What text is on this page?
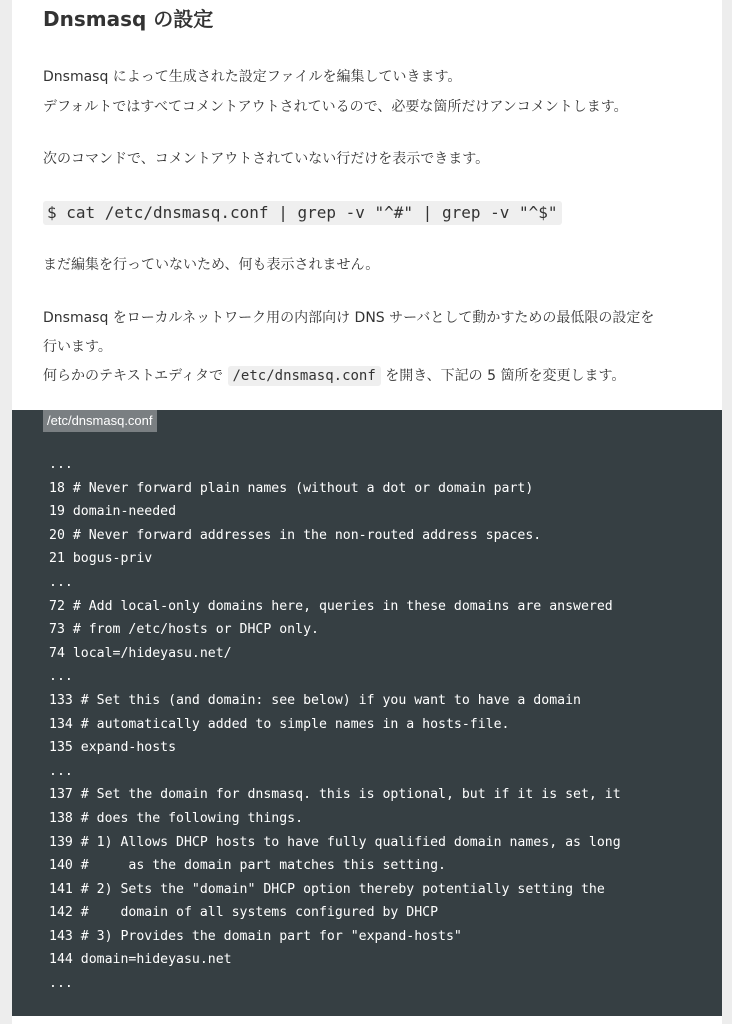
Dnsmasq の設定

Dnsmasq によって生成された設定ファイルを編集していきます。

デフォルトではすべてコメントアウトされているので、必要な箇所だけアンコメントします。

次のコマンドで、コメントアウトされていない行だけを表示できます。

$ cat /etc/dnsmasq.conf | grep -v "^#" | grep -v "^$"

まだ編集を行っていないため、何も表示されません。

Dnsmasq をローカルネットワーク用の内部向け DNS サーバとして動かすための最低限の設定を

行います。

何らかのテキストエディタで /etc/dnsmasq.conf を開き、下記の 5 箇所を変更します。

/etc/dnsmasq.conf
...
18 # Never forward plain names (without a dot or domain part)
19 domain-needed
20 # Never forward addresses in the non-routed address spaces.
21 bogus-priv
...
72 # Add local-only domains here, queries in these domains are answered
73 # from /etc/hosts or DHCP only.
74 local=/hideyasu.net/
...
133 # Set this (and domain: see below) if you want to have a domain
134 # automatically added to simple names in a hosts-file.
135 expand-hosts
...
137 # Set the domain for dnsmasq. this is optional, but if it is set, it
138 # does the following things.
139 # 1) Allows DHCP hosts to have fully qualified domain names, as long
140 #     as the domain part matches this setting.
141 # 2) Sets the "domain" DHCP option thereby potentially setting the
142 #    domain of all systems configured by DHCP
143 # 3) Provides the domain part for "expand-hosts"
144 domain=hideyasu.net
...
